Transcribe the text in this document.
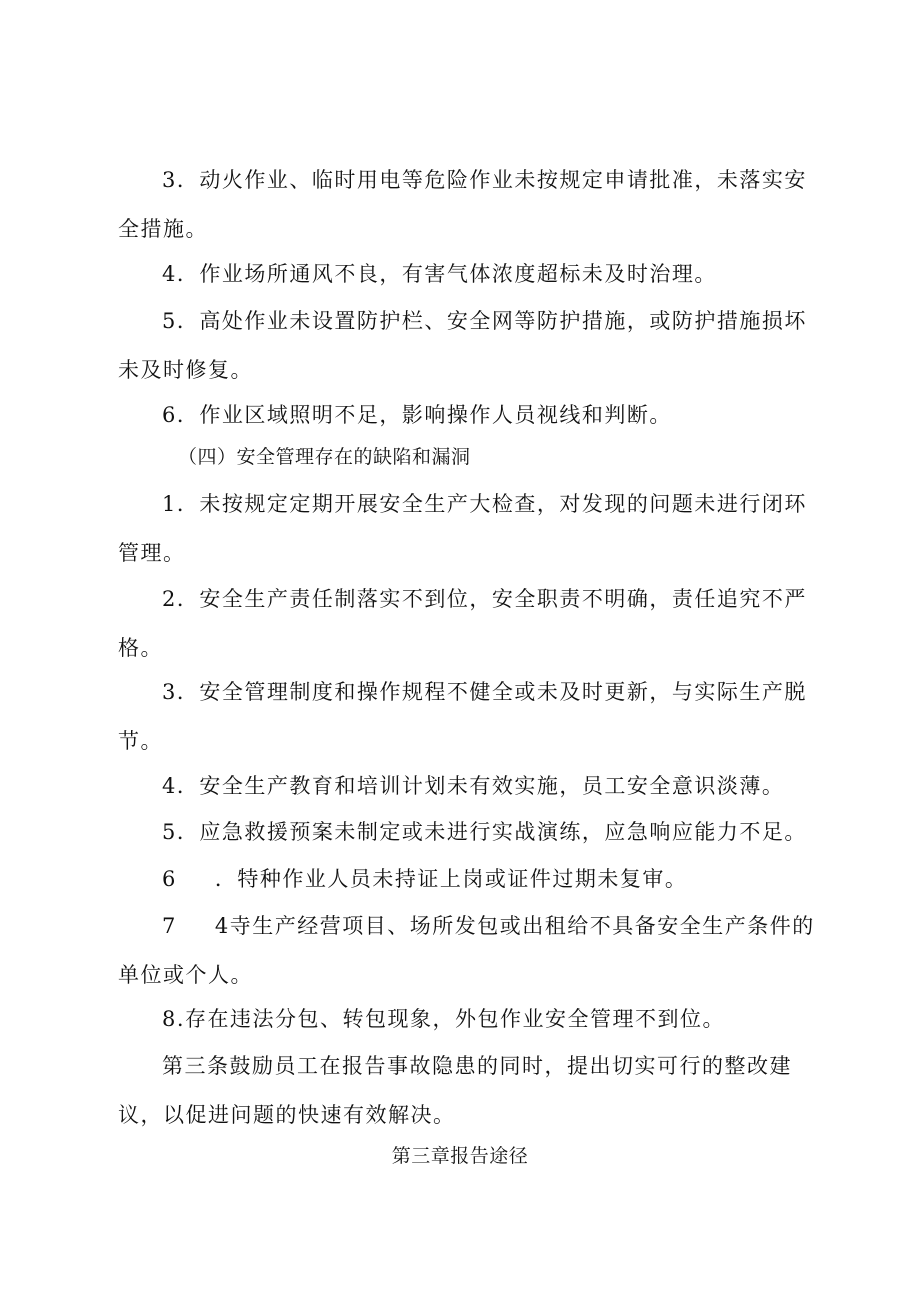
3．动火作业、临时用电等危险作业未按规定申请批准，未落实安全措施。

4．作业场所通风不良，有害气体浓度超标未及时治理。

5．高处作业未设置防护栏、安全网等防护措施，或防护措施损坏未及时修复。

6．作业区域照明不足，影响操作人员视线和判断。

（四）安全管理存在的缺陷和漏洞

1．未按规定定期开展安全生产大检查，对发现的问题未进行闭环管理。

2．安全生产责任制落实不到位，安全职责不明确，责任追究不严格。

3．安全管理制度和操作规程不健全或未及时更新，与实际生产脱节。

4．安全生产教育和培训计划未有效实施，员工安全意识淡薄。

5．应急救援预案未制定或未进行实战演练，应急响应能力不足。

6 ．特种作业人员未持证上岗或证件过期未复审。

7 4寺生产经营项目、场所发包或出租给不具备安全生产条件的单位或个人。

8.存在违法分包、转包现象，外包作业安全管理不到位。

第三条鼓励员工在报告事故隐患的同时，提出切实可行的整改建议，以促进问题的快速有效解决。

第三章报告途径
